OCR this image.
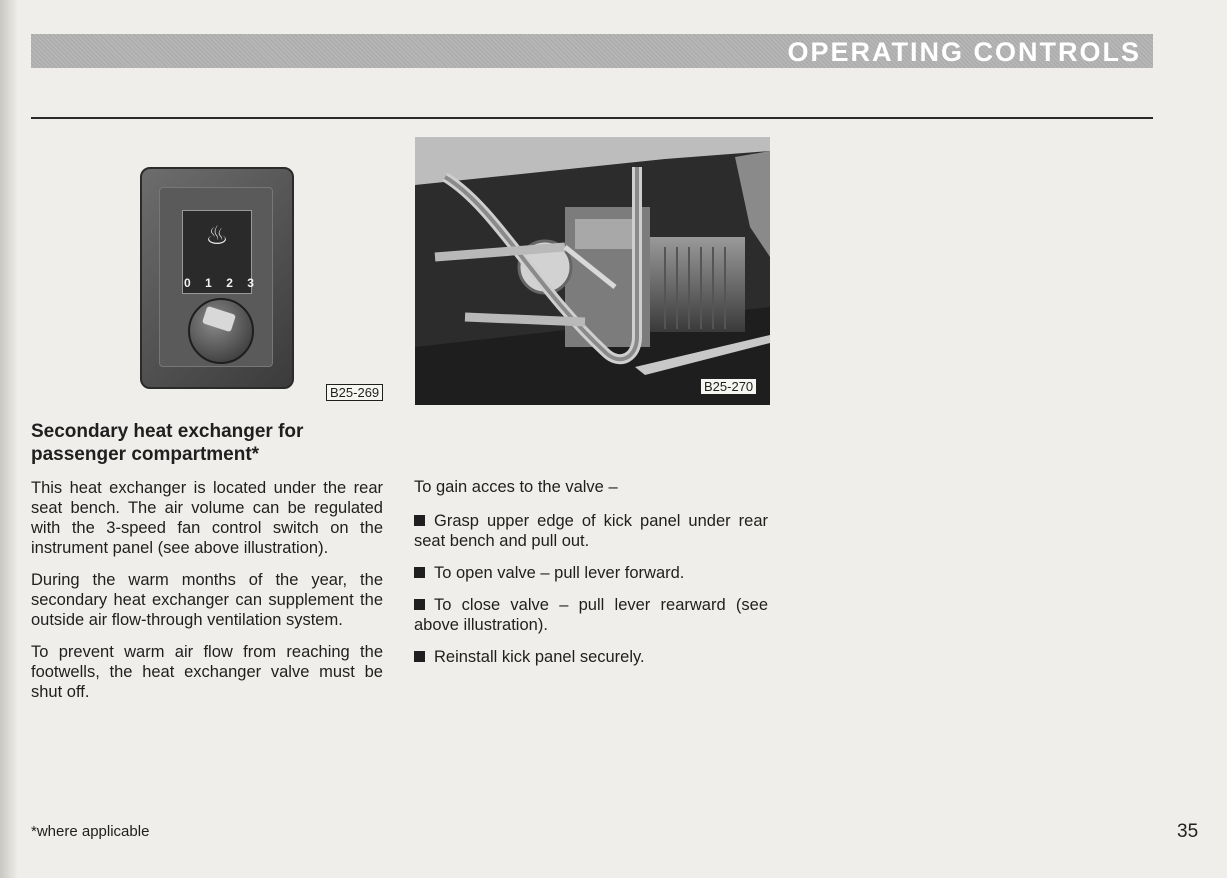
OPERATING CONTROLS
♨
0 1 2 3
B25-269	B25-270
Secondary heat exchanger for passenger compartment*

This heat exchanger is located under the rear seat bench. The air volume can be regulated with the 3-speed fan control switch on the instrument panel (see above illustration).

During the warm months of the year, the secondary heat exchanger can supplement the outside air flow-through ventilation system.

To prevent warm air flow from reaching the footwells, the heat exchanger valve must be shut off.

To gain acces to the valve –

Grasp upper edge of kick panel under rear seat bench and pull out.
To open valve – pull lever forward.
To close valve – pull lever rearward (see above illustration).
Reinstall kick panel securely.
*where applicable	35
